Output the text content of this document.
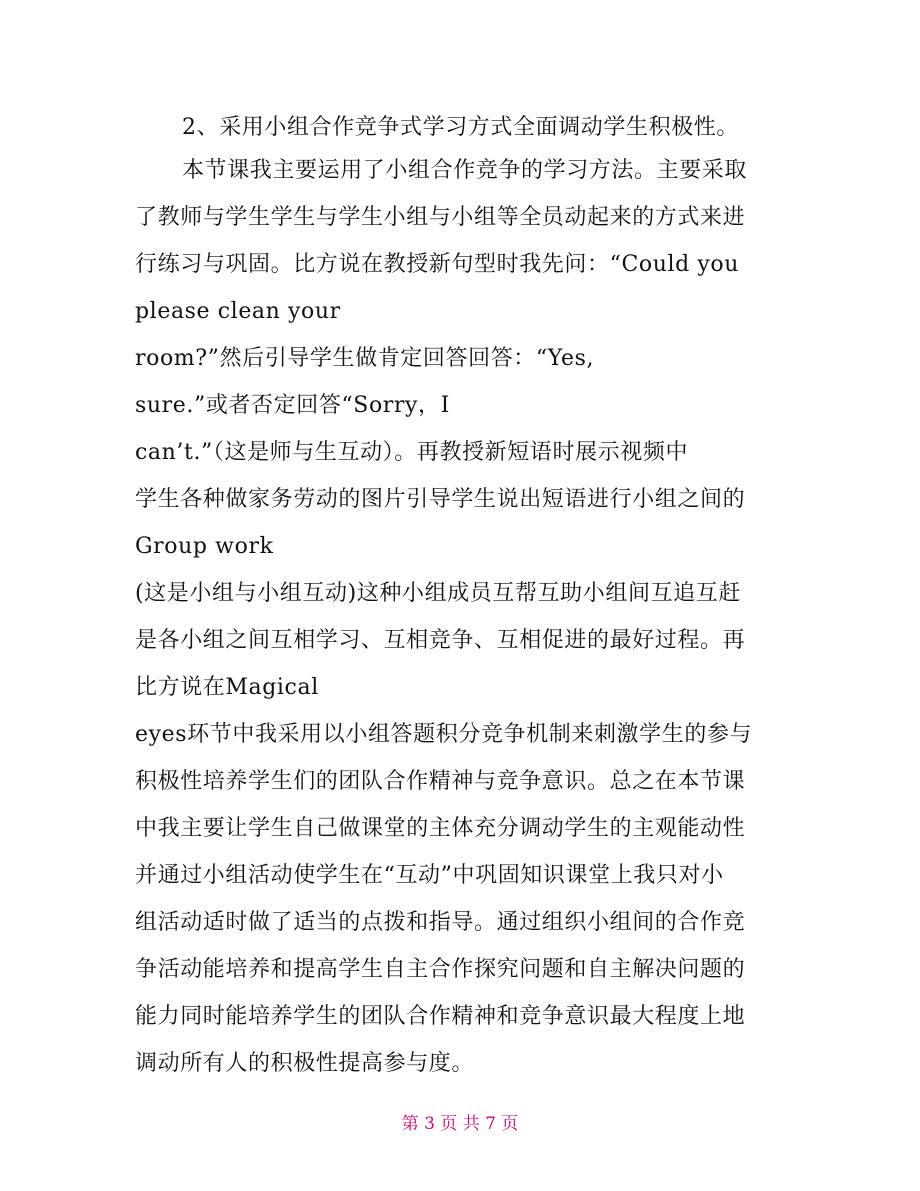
2、采用小组合作竞争式学习方式全面调动学生积极性。
本节课我主要运用了小组合作竞争的学习方法。主要采取
了教师与学生学生与学生小组与小组等全员动起来的方式来进
行练习与巩固。比方说在教授新句型时我先问：“Could you
please clean your
room?”然后引导学生做肯定回答回答：“Yes,
sure.”或者否定回答“Sorry，I
can’t.”（这是师与生互动）。再教授新短语时展示视频中
学生各种做家务劳动的图片引导学生说出短语进行小组之间的
Group work
(这是小组与小组互动)这种小组成员互帮互助小组间互追互赶
是各小组之间互相学习、互相竞争、互相促进的最好过程。再
比方说在Magical
eyes环节中我采用以小组答题积分竞争机制来刺激学生的参与
积极性培养学生们的团队合作精神与竞争意识。总之在本节课
中我主要让学生自己做课堂的主体充分调动学生的主观能动性
并通过小组活动使学生在“互动”中巩固知识课堂上我只对小
组活动适时做了适当的点拨和指导。通过组织小组间的合作竞
争活动能培养和提高学生自主合作探究问题和自主解决问题的
能力同时能培养学生的团队合作精神和竞争意识最大程度上地
调动所有人的积极性提高参与度。
第 3 页 共 7 页
